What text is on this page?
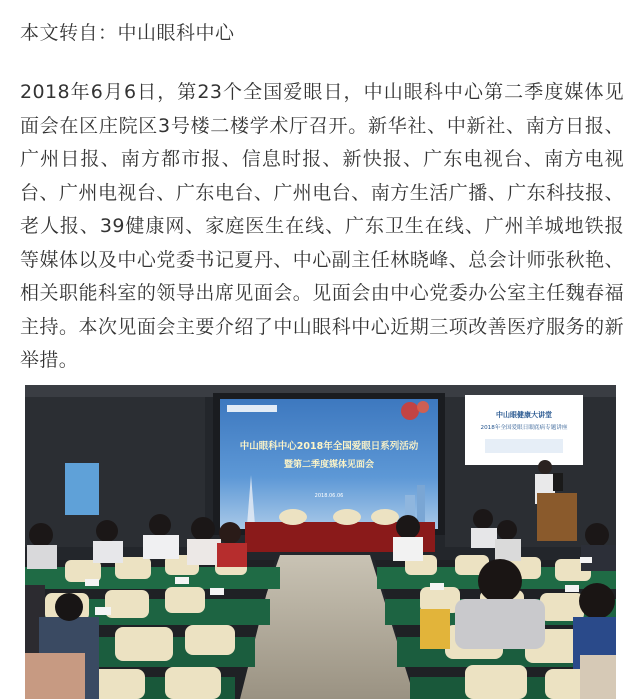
本文转自：中山眼科中心
2018年6月6日，第23个全国爱眼日，中山眼科中心第二季度媒体见面会在区庄院区3号楼二楼学术厅召开。新华社、中新社、南方日报、广州日报、南方都市报、信息时报、新快报、广东电视台、南方电视台、广州电视台、广东电台、广州电台、南方生活广播、广东科技报、老人报、39健康网、家庭医生在线、广东卫生在线、广州羊城地铁报等媒体以及中心党委书记夏丹、中心副主任林晓峰、总会计师张秋艳、相关职能科室的领导出席见面会。见面会由中心党委办公室主任魏春福主持。本次见面会主要介绍了中山眼科中心近期三项改善医疗服务的新举措。
中山眼科中心2018年全国爱眼日系列活动
暨第二季度媒体见面会
2018.06.06
中山眼健康大讲堂
2018年全国爱眼日眼底病专题讲座
